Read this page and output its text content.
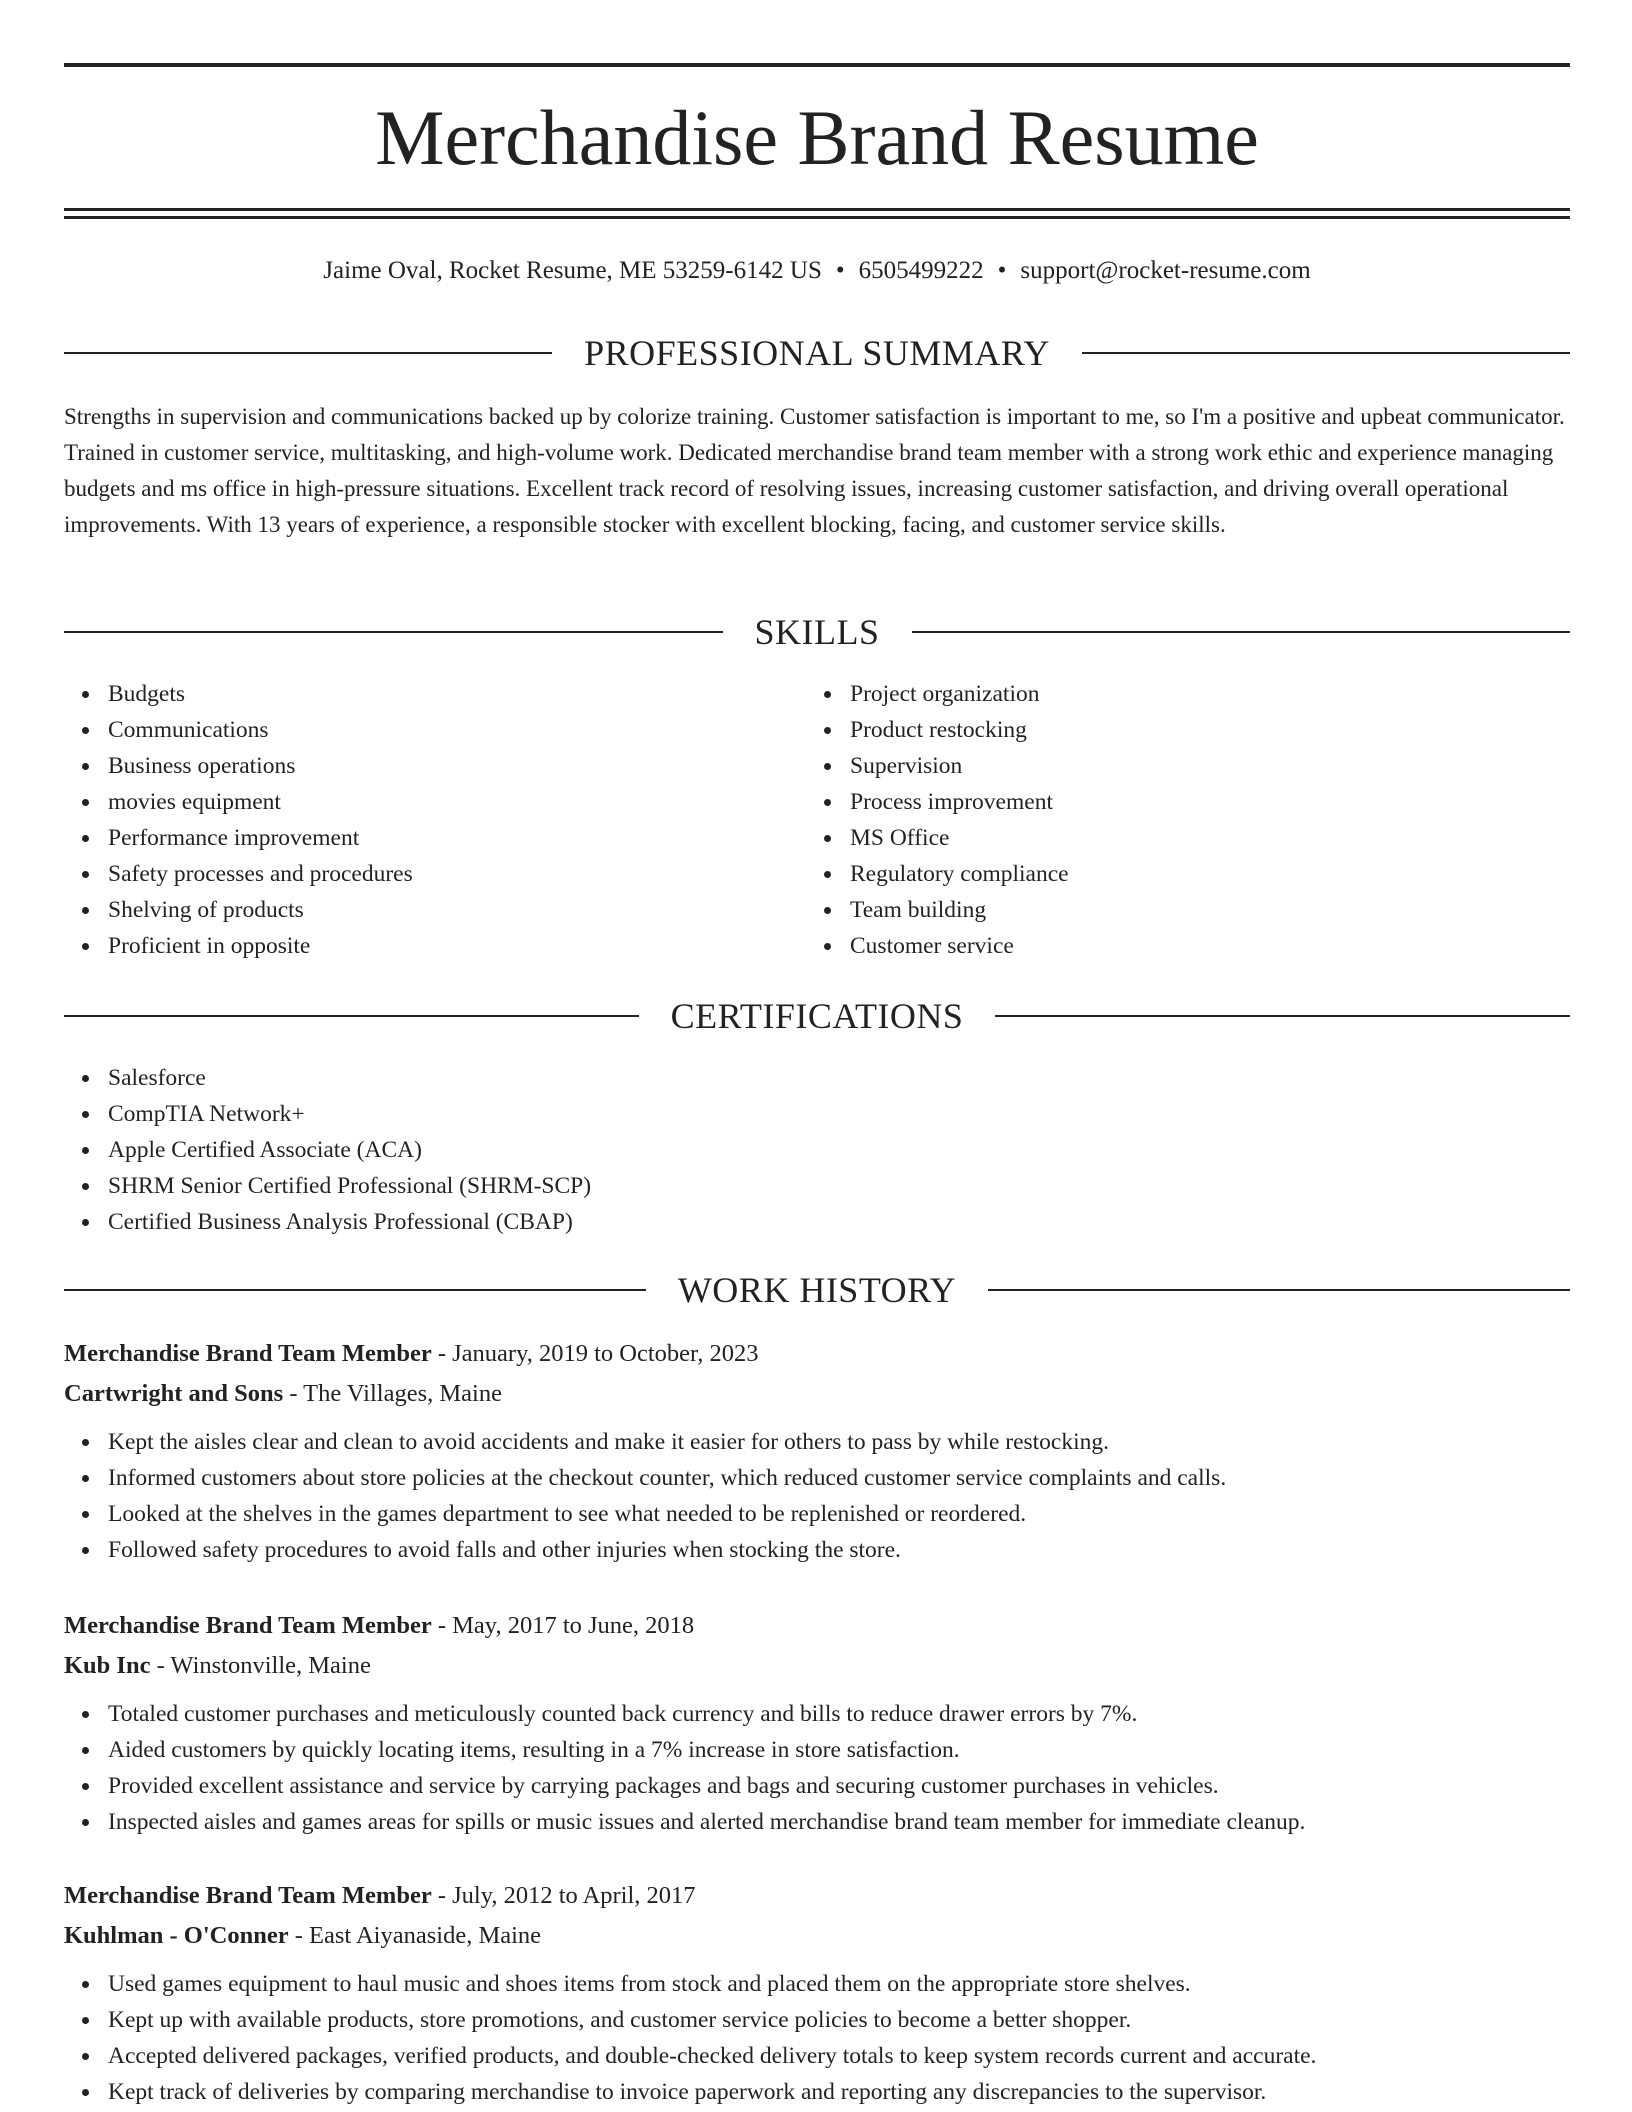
Merchandise Brand Resume
Jaime Oval, Rocket Resume, ME 53259-6142 US • 6505499222 • support@rocket-resume.com
PROFESSIONAL SUMMARY

Strengths in supervision and communications backed up by colorize training. Customer satisfaction is important to me, so I'm a positive and upbeat communicator. Trained in customer service, multitasking, and high-volume work. Dedicated merchandise brand team member with a strong work ethic and experience managing budgets and ms office in high-pressure situations. Excellent track record of resolving issues, increasing customer satisfaction, and driving overall operational improvements. With 13 years of experience, a responsible stocker with excellent blocking, facing, and customer service skills.

SKILLS
Budgets
Communications
Business operations
movies equipment
Performance improvement
Safety processes and procedures
Shelving of products
Proficient in opposite
Project organization
Product restocking
Supervision
Process improvement
MS Office
Regulatory compliance
Team building
Customer service
CERTIFICATIONS
Salesforce
CompTIA Network+
Apple Certified Associate (ACA)
SHRM Senior Certified Professional (SHRM-SCP)
Certified Business Analysis Professional (CBAP)
WORK HISTORY
Merchandise Brand Team Member - January, 2019 to October, 2023
Cartwright and Sons - The Villages, Maine
Kept the aisles clear and clean to avoid accidents and make it easier for others to pass by while restocking.
Informed customers about store policies at the checkout counter, which reduced customer service complaints and calls.
Looked at the shelves in the games department to see what needed to be replenished or reordered.
Followed safety procedures to avoid falls and other injuries when stocking the store.
Merchandise Brand Team Member - May, 2017 to June, 2018
Kub Inc - Winstonville, Maine
Totaled customer purchases and meticulously counted back currency and bills to reduce drawer errors by 7%.
Aided customers by quickly locating items, resulting in a 7% increase in store satisfaction.
Provided excellent assistance and service by carrying packages and bags and securing customer purchases in vehicles.
Inspected aisles and games areas for spills or music issues and alerted merchandise brand team member for immediate cleanup.
Merchandise Brand Team Member - July, 2012 to April, 2017
Kuhlman - O'Conner - East Aiyanaside, Maine
Used games equipment to haul music and shoes items from stock and placed them on the appropriate store shelves.
Kept up with available products, store promotions, and customer service policies to become a better shopper.
Accepted delivered packages, verified products, and double-checked delivery totals to keep system records current and accurate.
Kept track of deliveries by comparing merchandise to invoice paperwork and reporting any discrepancies to the supervisor.
